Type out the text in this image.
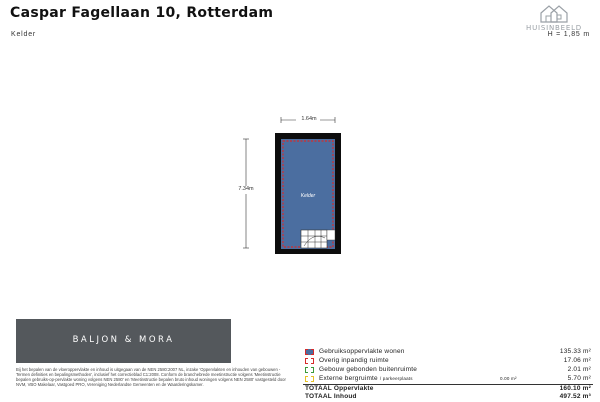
Caspar Fagellaan 10, Rotterdam
HUISINBEELD
Kelder	H = 1,85 m
1.64m
7.34m
Kelder
BALJON & MORA
Bij het bepalen van de vloeroppervlakte en inhoud is uitgegaan van de NEN 2580:2007 NL, inzake 'Oppervlakten en inhouden van gebouwen - Termen definities en bepalingsmethoden', inclusief het correctieblad C1:2008. Conform de branchebrede meetinstructie volgens 'Meetinstructie bepalen gebruiks-op-pervlakte woning volgens NEN 2580' en 'Meetinstructie bepalen bruto inhoud woningen volgens NEN 2580' vastgesteld door NVM, VBO Makelaar, Vastgoed PRO, Vereniging Nederlandse Gemeenten en de Waarderingskamer.
Gebruiksoppervlakte wonen	135.33 m²
Overig inpandig ruimte	17.06 m²
Gebouw gebonden buitenruimte	2.01 m²
Externe bergruimte / parkeerplaats	0.00 m²	5.70 m²
TOTAAL Oppervlakte	160.10 m²
TOTAAL Inhoud	497.52 m³
